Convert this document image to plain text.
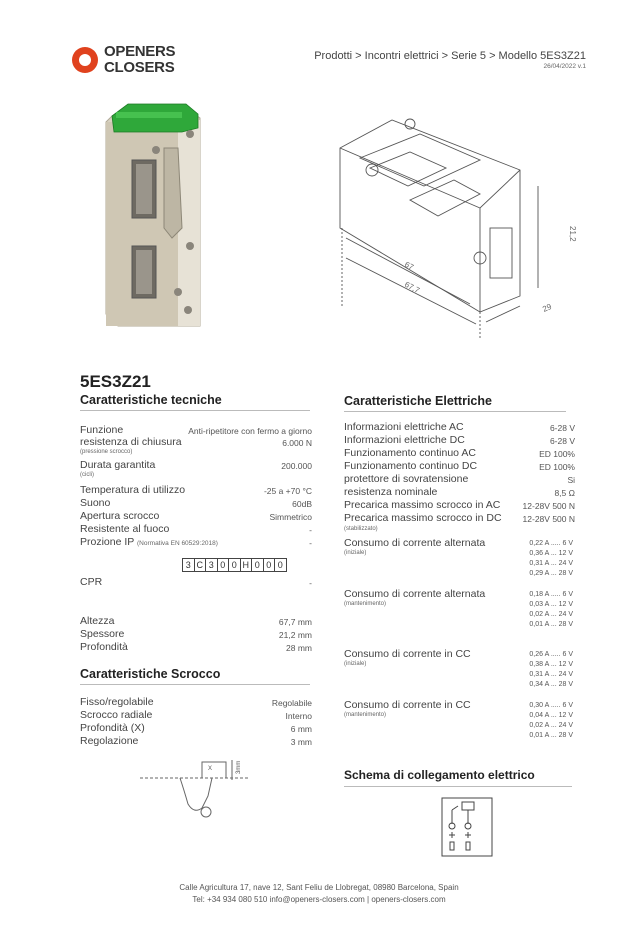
OPENERS
CLOSERS
Prodotti > Incontri elettrici > Serie 5 > Modello 5ES3Z21
26/04/2022 v.1
67
67,7
29
21,2
5ES3Z21
Caratteristiche tecniche
Funzione	Anti-ripetitore con fermo a giorno
resistenza di chiusura	6.000 N
(pressione scrocco)
Durata garantita	200.000
(cicli)
Temperatura di utilizzo	-25 a +70 °C
Suono	60dB
Apertura scrocco	Simmetrico
Resistente al fuoco	-
Prozione IP (Normativa EN 60529:2018)	-
3 C 3 0 0 H 0 0 0
CPR	-
Altezza	67,7 mm
Spessore	21,2 mm
Profondità	28 mm
Caratteristiche Scrocco
Fisso/regolabile	Regolabile
Scrocco radiale	Interno
Profondità (X)	6 mm
Regolazione	3 mm
X	3mm
Caratteristiche Elettriche
Informazioni elettriche AC	6-28 V
Informazioni elettriche DC	6-28 V
Funzionamento continuo AC	ED 100%
Funzionamento continuo DC	ED 100%
protettore di sovratensione	Si
resistenza nominale	8,5 Ω
Precarica massimo scrocco in AC	12-28V 500 N
Precarica massimo scrocco in DC 12-28V 500 N
(stabilizzato)
Consumo di corrente alternata
(iniziale)
0,22 A ..... 6 V
0,36 A ... 12 V
0,31 A ... 24 V
0,29 A ... 28 V
Consumo di corrente alternata
(mantenimento)
0,18 A ..... 6 V
0,03 A ... 12 V
0,02 A ... 24 V
0,01 A ... 28 V
Consumo di corrente in CC
(iniziale)
0,26 A ..... 6 V
0,38 A ... 12 V
0,31 A ... 24 V
0,34 A ... 28 V
Consumo di corrente in CC
(mantenimento)
0,30 A ..... 6 V
0,04 A ... 12 V
0,02 A ... 24 V
0,01 A ... 28 V
Schema di collegamento elettrico
Calle Agricultura 17, nave 12, Sant Feliu de Llobregat, 08980 Barcelona, Spain
Tel: +34 934 080 510 info@openers-closers.com | openers-closers.com
